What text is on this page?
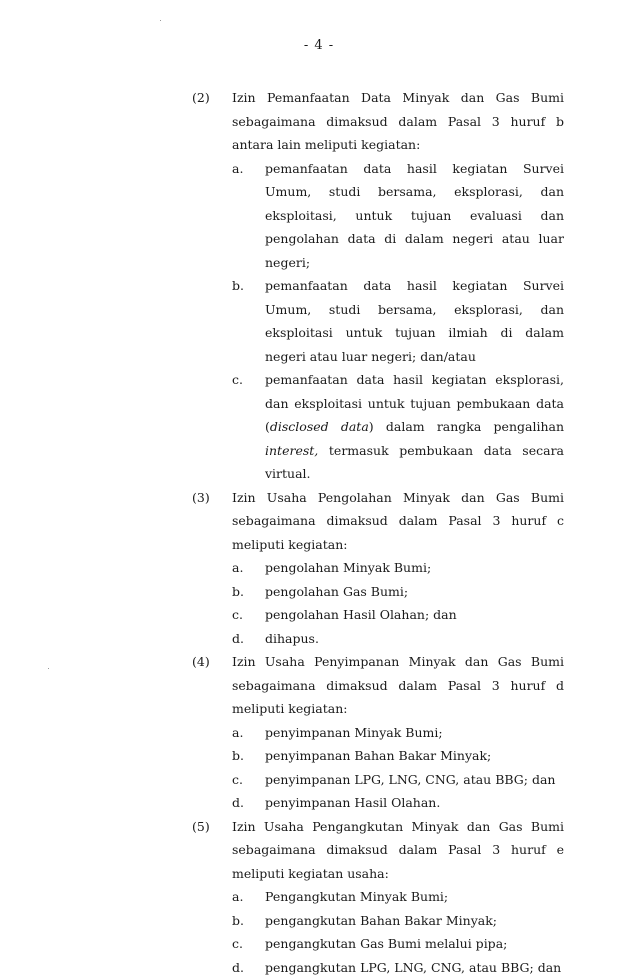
- 4 -
(2) Izin Pemanfaatan Data Minyak dan Gas Bumi sebagaimana dimaksud dalam Pasal 3 huruf b antara lain meliputi kegiatan:
a. pemanfaatan data hasil kegiatan Survei Umum, studi bersama, eksplorasi, dan eksploitasi, untuk tujuan evaluasi dan pengolahan data di dalam negeri atau luar negeri;
b. pemanfaatan data hasil kegiatan Survei Umum, studi bersama, eksplorasi, dan eksploitasi untuk tujuan ilmiah di dalam negeri atau luar negeri; dan/atau
c. pemanfaatan data hasil kegiatan eksplorasi, dan eksploitasi untuk tujuan pembukaan data (disclosed data) dalam rangka pengalihan interest, termasuk pembukaan data secara virtual.
(3) Izin Usaha Pengolahan Minyak dan Gas Bumi sebagaimana dimaksud dalam Pasal 3 huruf c meliputi kegiatan:
a. pengolahan Minyak Bumi;
b. pengolahan Gas Bumi;
c. pengolahan Hasil Olahan; dan
d. dihapus.
(4) Izin Usaha Penyimpanan Minyak dan Gas Bumi sebagaimana dimaksud dalam Pasal 3 huruf d meliputi kegiatan:
a. penyimpanan Minyak Bumi;
b. penyimpanan Bahan Bakar Minyak;
c. penyimpanan LPG, LNG, CNG, atau BBG; dan
d. penyimpanan Hasil Olahan.
(5) Izin Usaha Pengangkutan Minyak dan Gas Bumi sebagaimana dimaksud dalam Pasal 3 huruf e meliputi kegiatan usaha:
a. Pengangkutan Minyak Bumi;
b. pengangkutan Bahan Bakar Minyak;
c. pengangkutan Gas Bumi melalui pipa;
d. pengangkutan LPG, LNG, CNG, atau BBG; dan
